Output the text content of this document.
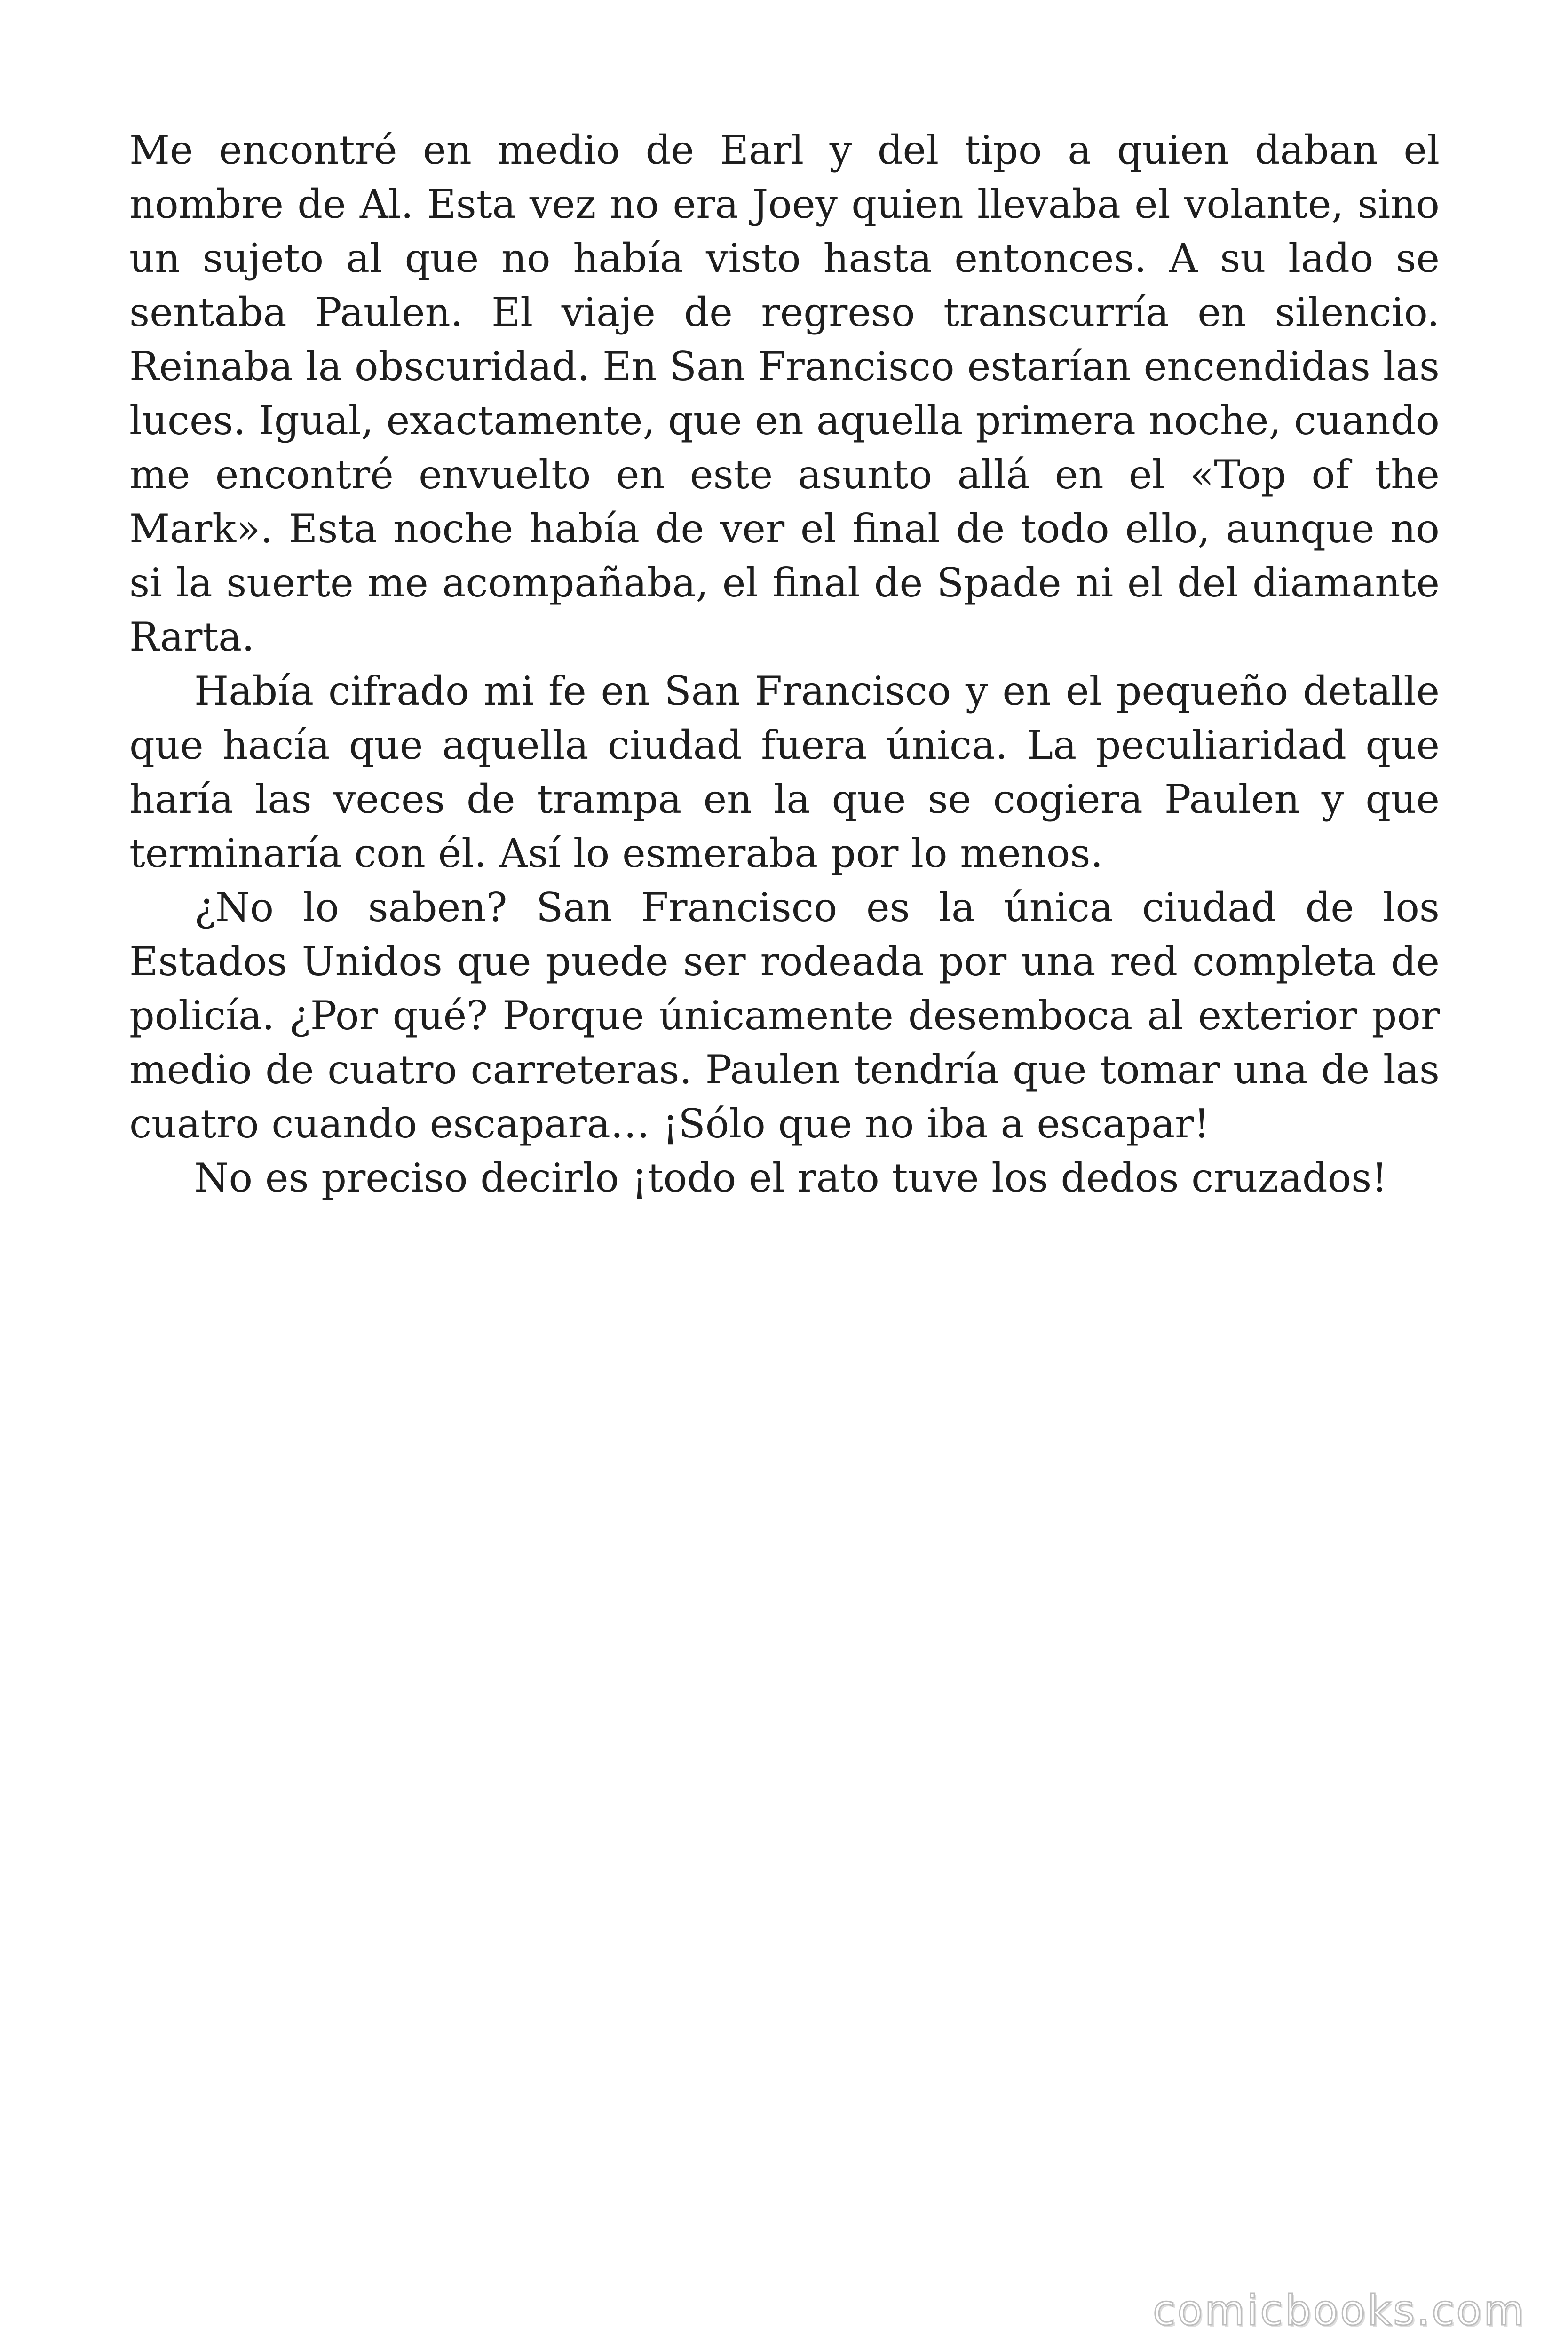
Me encontré en medio de Earl y del tipo a quien daban el nombre de Al. Esta vez no era Joey quien llevaba el volante, sino un sujeto al que no había visto hasta entonces. A su lado se sentaba Paulen. El viaje de regreso transcurría en silencio. Reinaba la obscuridad. En San Francisco estarían encendidas las luces. Igual, exactamente, que en aquella primera noche, cuando me encontré envuelto en este asunto allá en el «Top of the Mark». Esta noche había de ver el final de todo ello, aunque no si la suerte me acompañaba, el final de Spade ni el del diamante Rarta.

Había cifrado mi fe en San Francisco y en el pequeño detalle que hacía que aquella ciudad fuera única. La peculiaridad que haría las veces de trampa en la que se cogiera Paulen y que terminaría con él. Así lo esmeraba por lo menos.

¿No lo saben? San Francisco es la única ciudad de los Estados Unidos que puede ser rodeada por una red completa de policía. ¿Por qué? Porque únicamente desemboca al exterior por medio de cuatro carreteras. Paulen tendría que tomar una de las cuatro cuando escapara… ¡Sólo que no iba a escapar!

No es preciso decirlo ¡todo el rato tuve los dedos cruzados!

comicbooks.com
